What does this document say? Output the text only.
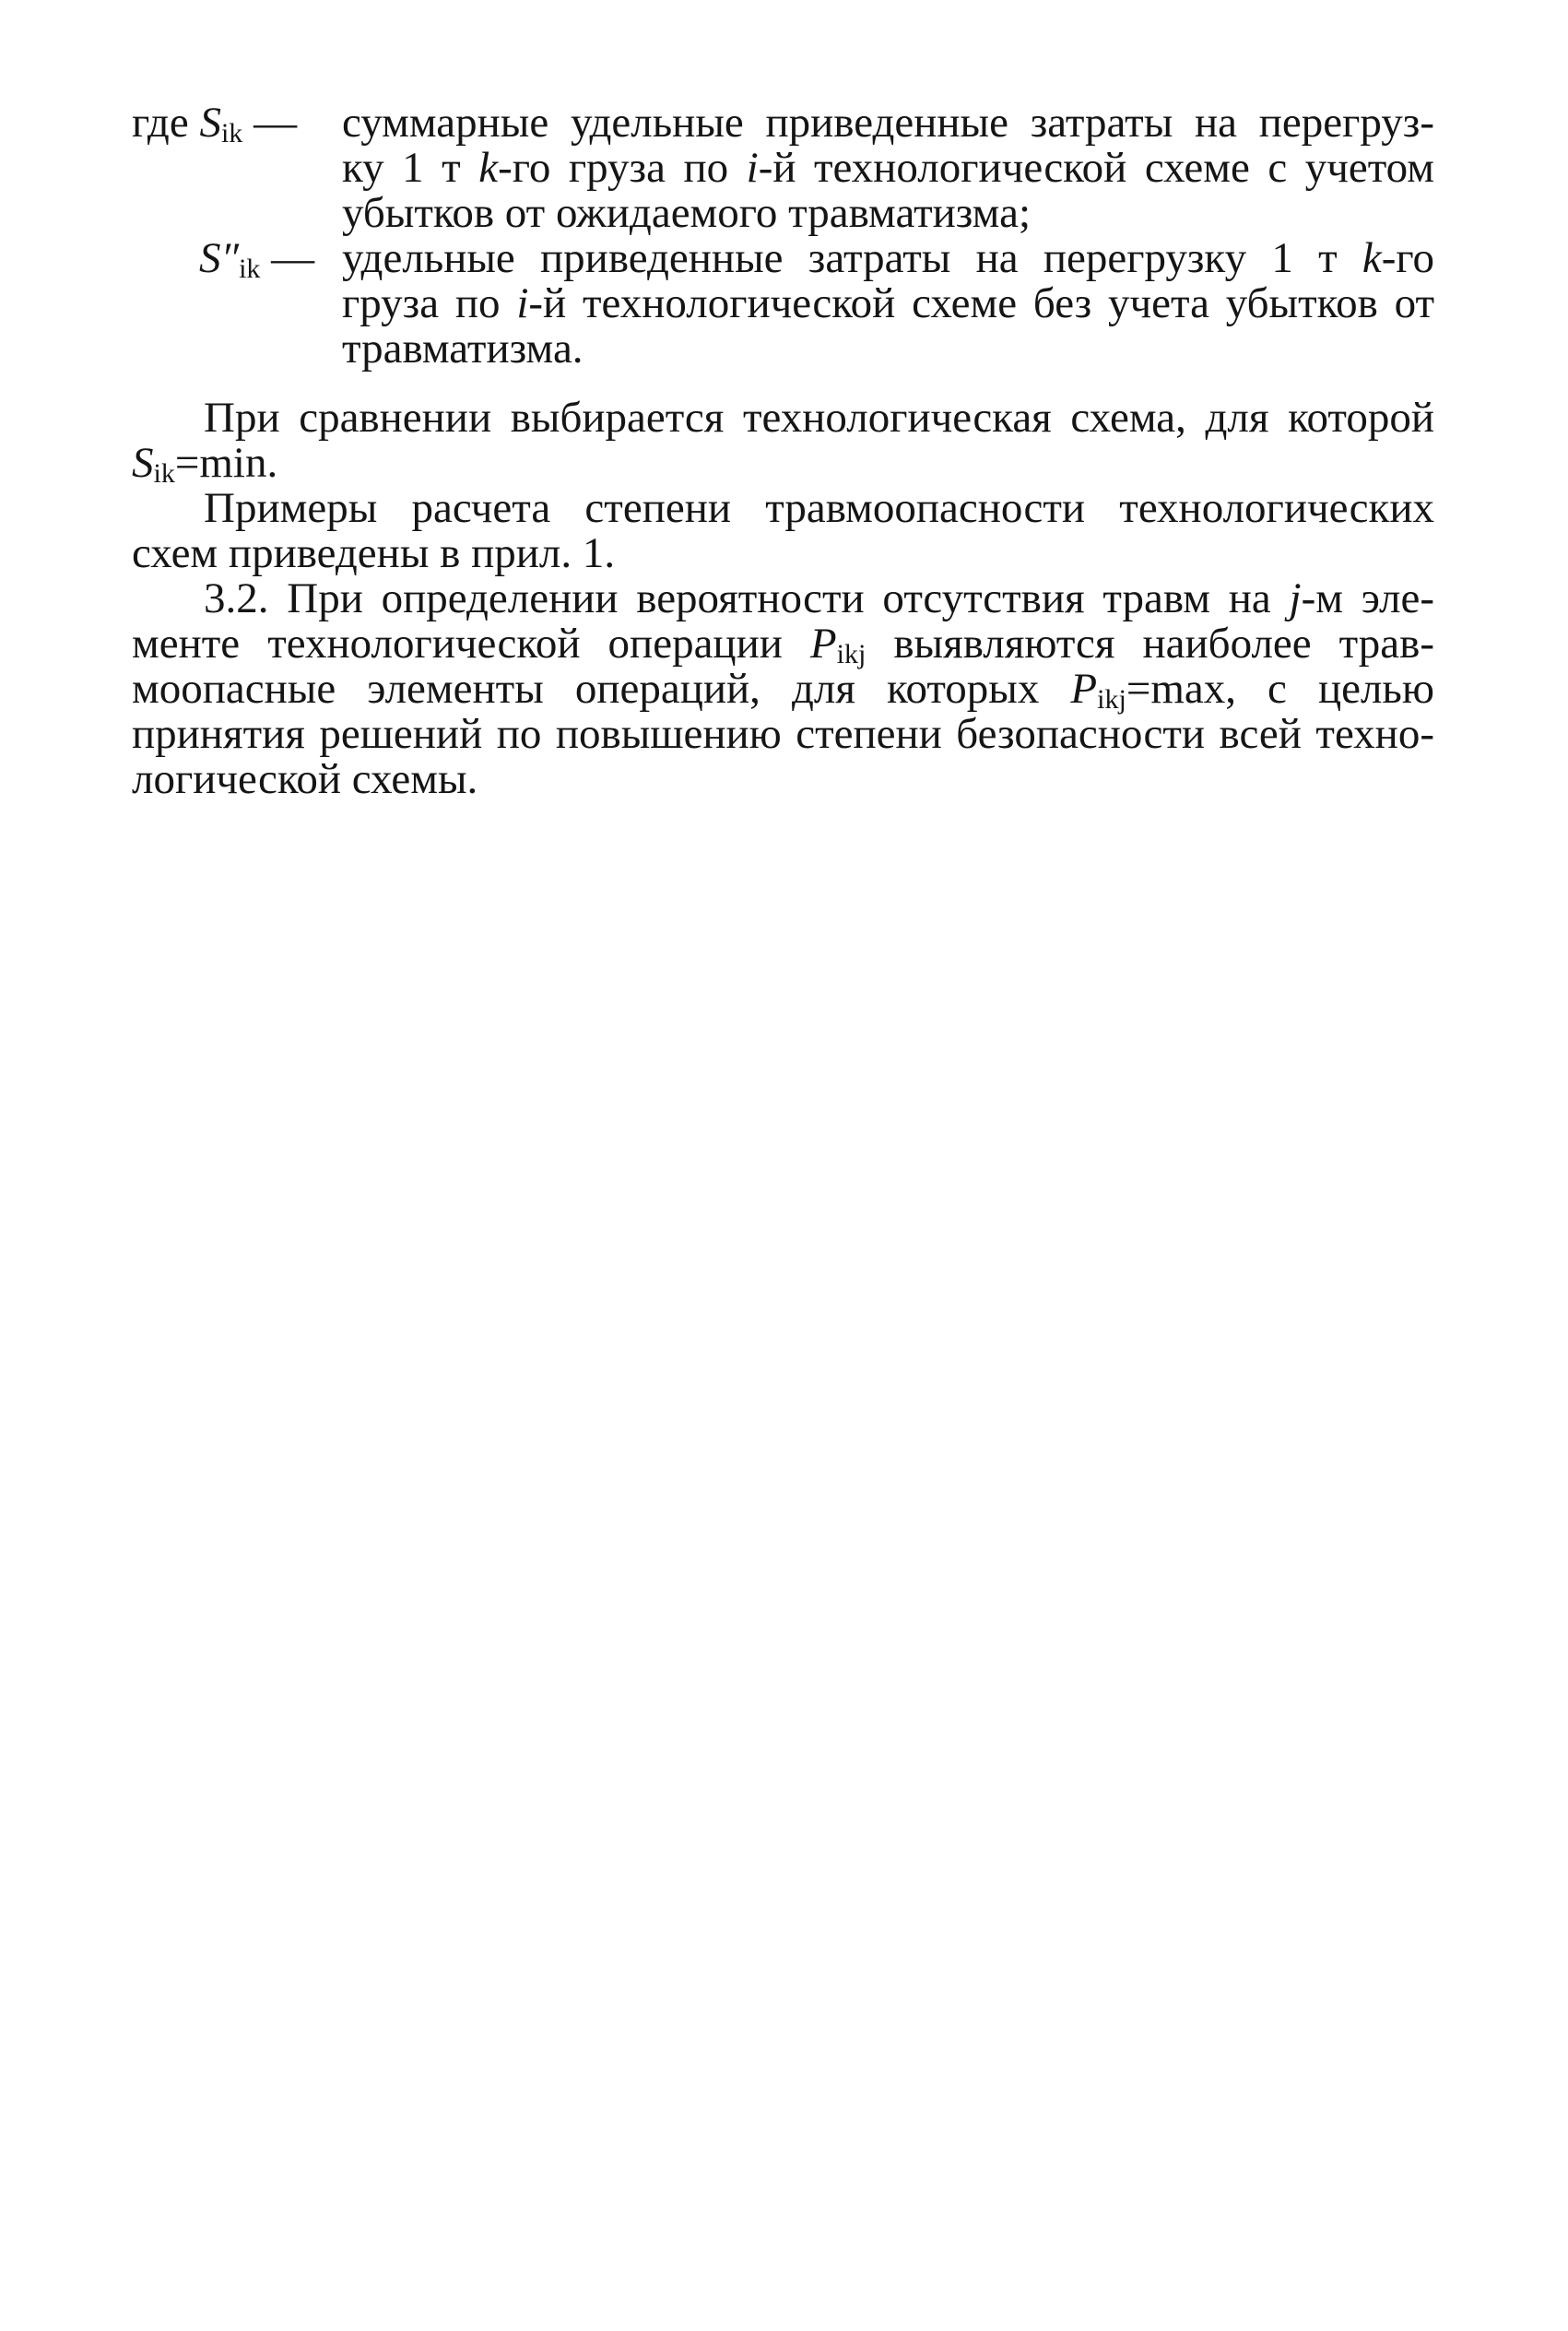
где $S_{ik}$ — суммарные удельные приведенные затраты на перегруз-
ку 1 т k-го груза по i-й технологической схеме с учетом
убытков от ожидаемого травматизма;
$S''_{ik}$ — удельные приведенные затраты на перегрузку 1 т k-го
груза по i-й технологической схеме без учета убытков от
травматизма.
При сравнении выбирается технологическая схема, для которой
$S_{ik}=\min$.
Примеры расчета степени травмоопасности технологических
схем приведены в прил. 1.
3.2. При определении вероятности отсутствия травм на j-м эле-
менте технологической операции $P_{ikj}$ выявляются наиболее трав-
моопасные элементы операций, для которых $P_{ikj}=\max$, с целью
принятия решений по повышению степени безопасности всей техно-
логической схемы.
